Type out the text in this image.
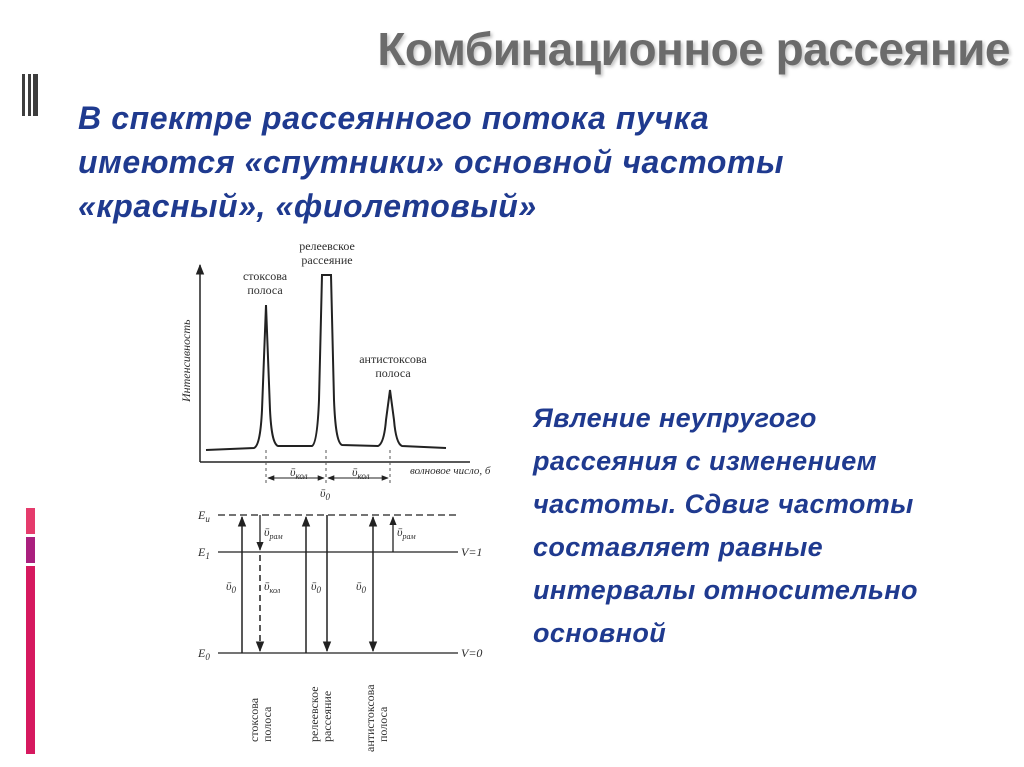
Комбинационное рассеяние
В спектре рассеянного потока пучка
имеются «спутники» основной частоты
«красный», «фиолетовый»
Явление неупругого
рассеяния с изменением
частоты. Сдвиг частоты
составляет равные
интервалы относительно
основной
Интенсивность
волновое число, б
стоксова
полоса
релеевское
рассеяние
антистоксова
полоса
ῡ$_{кол}$	ῡ$_{кол}$
ῡ$_0$
$E_и$
$E_1$
$E_0$
V=1
V=0
ῡ$_{рам}$	ῡ$_{рам}$
ῡ$_0$ ῡ$_{кол}$	ῡ$_0$	ῡ$_0$
стоксова полоса	релеевское рассеяние антистоксова полоса
